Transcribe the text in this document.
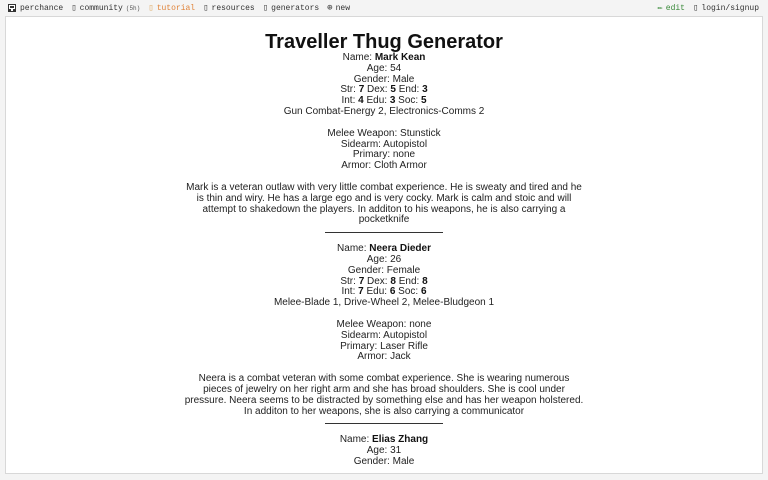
perchance ▯ community (5h) ▯ tutorial ▯ resources ▯ generators ⊕ new	✏ edit ▯ login/signup
Traveller Thug Generator
Name: Mark Kean
Age: 54
Gender: Male
Str: 7 Dex: 5 End: 3
Int: 4 Edu: 3 Soc: 5
Gun Combat-Energy 2, Electronics-Comms 2
Melee Weapon: Stunstick
Sidearm: Autopistol
Primary: none
Armor: Cloth Armor
Mark is a veteran outlaw with very little combat experience. He is sweaty and tired and he is thin and wiry. He has a large ego and is very cocky. Mark is calm and stoic and will attempt to shakedown the players. In additon to his weapons, he is also carrying a pocketknife
Name: Neera Dieder
Age: 26
Gender: Female
Str: 7 Dex: 8 End: 8
Int: 7 Edu: 6 Soc: 6
Melee-Blade 1, Drive-Wheel 2, Melee-Bludgeon 1
Melee Weapon: none
Sidearm: Autopistol
Primary: Laser Rifle
Armor: Jack
Neera is a combat veteran with some combat experience. She is wearing numerous pieces of jewelry on her right arm and she has broad shoulders. She is cool under pressure. Neera seems to be distracted by something else and has her weapon holstered. In additon to her weapons, she is also carrying a communicator
Name: Elias Zhang
Age: 31
Gender: Male
